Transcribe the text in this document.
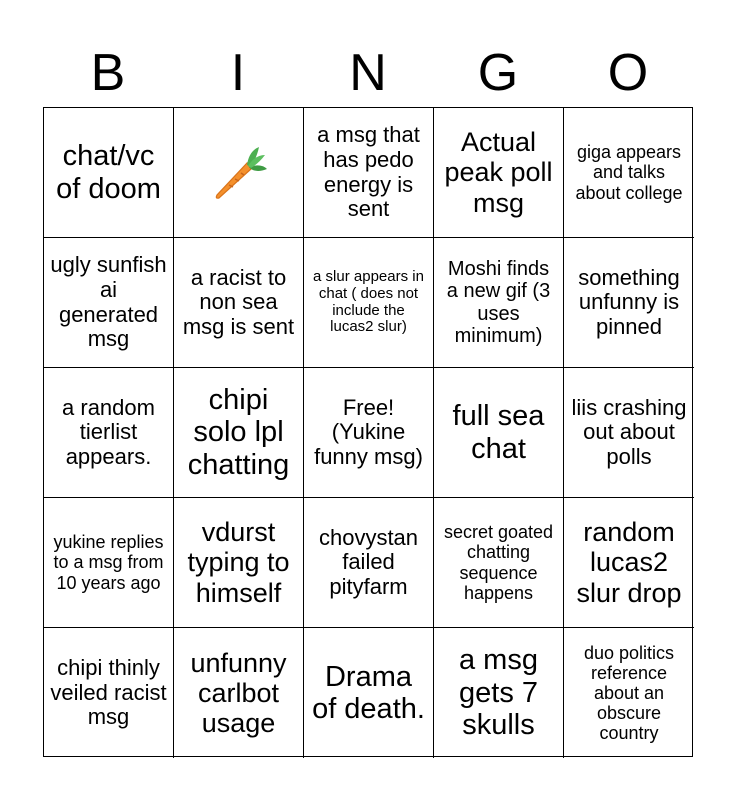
B	I	N	G	O
chat/vc of doom
a msg that has pedo energy is sent
Actual peak poll msg
giga appears and talks about college
ugly sunfish ai generated msg
a racist to non sea msg is sent
a slur appears in chat ( does not include the lucas2 slur)
Moshi finds a new gif (3 uses minimum)
something unfunny is pinned
a random tierlist appears.
chipi solo lpl chatting
Free! (Yukine funny msg)
full sea chat
liis crashing out about polls
yukine replies to a msg from 10 years ago
vdurst typing to himself
chovystan failed pityfarm
secret goated chatting sequence happens
random lucas2 slur drop
chipi thinly veiled racist msg
unfunny carlbot usage
Drama of death.
a msg gets 7 skulls
duo politics reference about an obscure country
